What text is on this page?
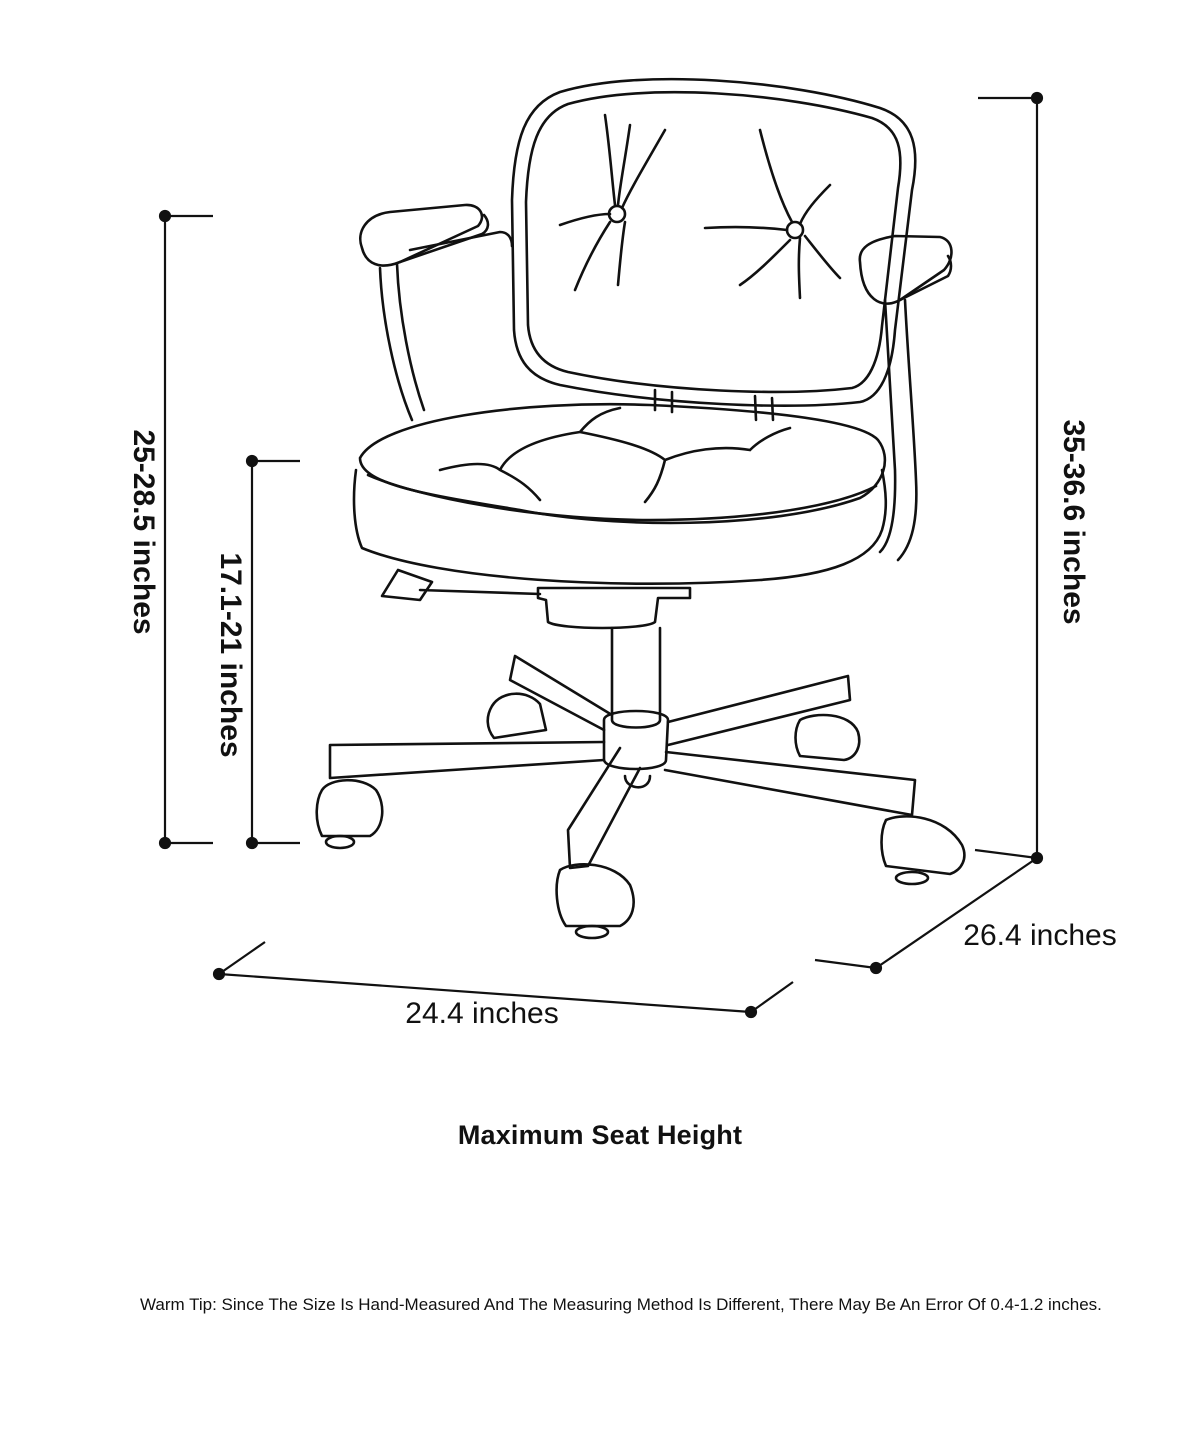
35-36.6 inches
26.4 inches
24.4 inches
25-28.5 inches
17.1-21 inches
Maximum Seat Height
Warm Tip: Since The Size Is Hand-Measured And The Measuring Method Is Different, There May Be An Error Of 0.4-1.2 inches.
